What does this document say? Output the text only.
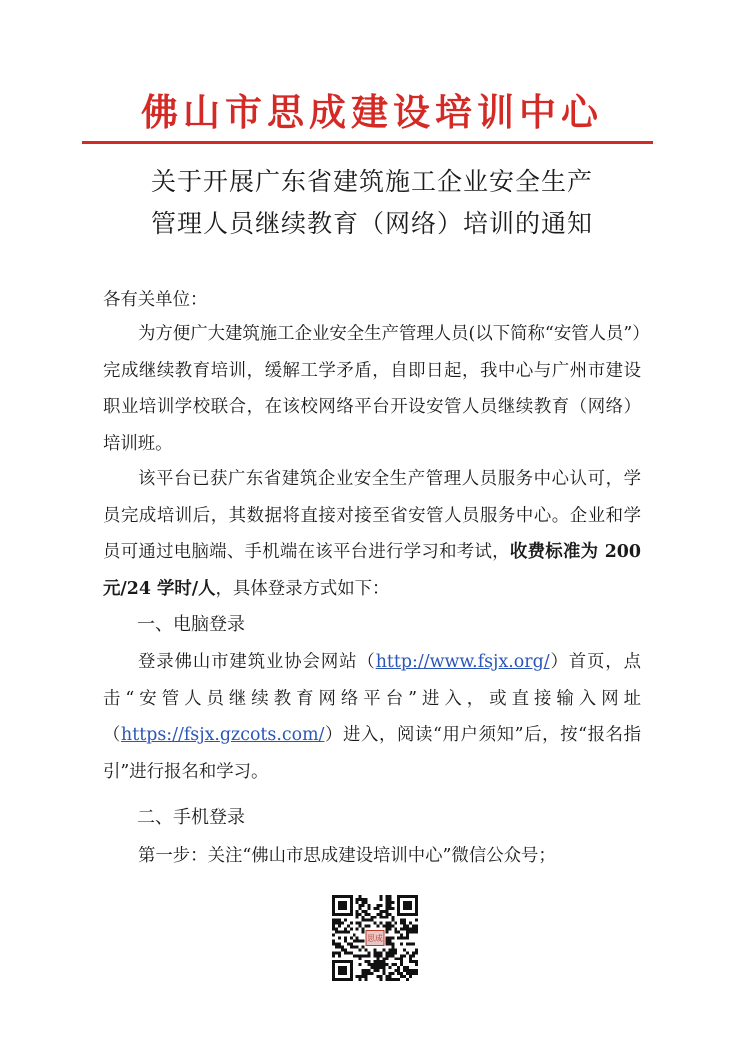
佛山市思成建设培训中心
关于开展广东省建筑施工企业安全生产
管理人员继续教育（网络）培训的通知
各有关单位：

为方便广大建筑施工企业安全生产管理人员(以下简称“安管人员”）完成继续教育培训，缓解工学矛盾，自即日起，我中心与广州市建设职业培训学校联合，在该校网络平台开设安管人员继续教育（网络）培训班。

该平台已获广东省建筑企业安全生产管理人员服务中心认可，学员完成培训后，其数据将直接对接至省安管人员服务中心。企业和学员可通过电脑端、手机端在该平台进行学习和考试，收费标准为 200 元/24 学时/人，具体登录方式如下：

一、电脑登录

登录佛山市建筑业协会网站（http://www.fsjx.org/）首页，点击“安管人员继续教育网络平台”进入，或直接输入网址（https://fsjx.gzcots.com/）进入，阅读“用户须知”后，按“报名指引”进行报名和学习。

二、手机登录

第一步：关注“佛山市思成建设培训中心”微信公众号；

思成
